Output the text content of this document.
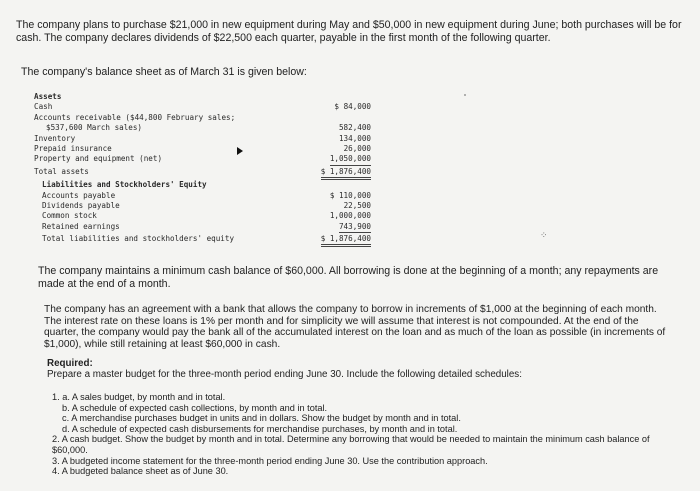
The company plans to purchase $21,000 in new equipment during May and $50,000 in new equipment during June; both purchases will be for cash. The company declares dividends of $22,500 each quarter, payable in the first month of the following quarter.

The company's balance sheet as of March 31 is given below:

Assets
Cash	$ 84,000
Accounts receivable ($44,800 February sales;
$537,600 March sales)	582,400
Inventory	134,000
Prepaid insurance	26,000
Property and equipment (net)	1,050,000
Total assets	$ 1,876,400
Liabilities and Stockholders' Equity
Accounts payable	$ 110,000
Dividends payable	22,500
Common stock	1,000,000
Retained earnings	743,900
Total liabilities and stockholders' equity	$ 1,876,400	⁘

The company maintains a minimum cash balance of $60,000. All borrowing is done at the beginning of a month; any repayments are made at the end of a month.

The company has an agreement with a bank that allows the company to borrow in increments of $1,000 at the beginning of each month. The interest rate on these loans is 1% per month and for simplicity we will assume that interest is not compounded. At the end of the quarter, the company would pay the bank all of the accumulated interest on the loan and as much of the loan as possible (in increments of $1,000), while still retaining at least $60,000 in cash.

Required:
Prepare a master budget for the three-month period ending June 30. Include the following detailed schedules:
1. a. A sales budget, by month and in total.
b. A schedule of expected cash collections, by month and in total.
c. A merchandise purchases budget in units and in dollars. Show the budget by month and in total.
d. A schedule of expected cash disbursements for merchandise purchases, by month and in total.
2. A cash budget. Show the budget by month and in total. Determine any borrowing that would be needed to maintain the minimum cash balance of $60,000.
3. A budgeted income statement for the three-month period ending June 30. Use the contribution approach.
4. A budgeted balance sheet as of June 30.
